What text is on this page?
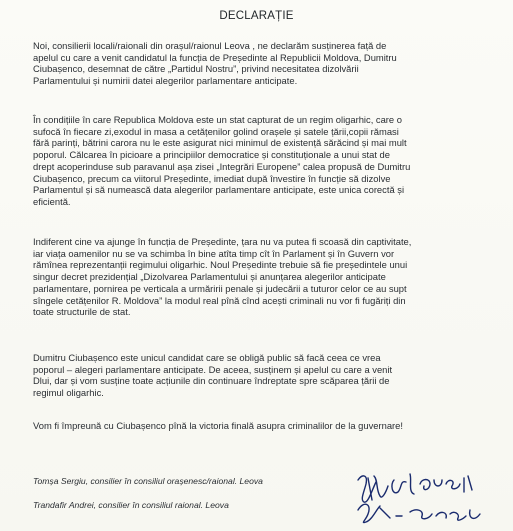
DECLARAȚIE
Noi, consilierii locali/raionali din orașul/raionul Leova , ne declarăm susținerea față de
apelul cu care a venit candidatul la funcția de Președinte al Republicii Moldova, Dumitru
Ciubașenco, desemnat de către „Partidul Nostru”, privind necesitatea dizolvării
Parlamentului și numirii datei alegerilor parlamentare anticipate.
În condițiile în care Republica Moldova este un stat capturat de un regim oligarhic, care o
sufocă în fiecare zi,exodul in masa a cetățenilor golind orașele și satele țării,copii rămasi
fără parinți, bătrini carora nu le este asigurat nici minimul de existență sărăcind și mai mult
poporul. Călcarea în picioare a principiilor democratice și constituționale a unui stat de
drept acoperinduse sub paravanul așa zisei „Integrări Europene” calea propusă de Dumitru
Ciubașenco, precum ca viitorul Președinte, imediat după învestire în funcție să dizolve
Parlamentul și să numească data alegerilor parlamentare anticipate, este unica corectă și
eficientă.
Indiferent cine va ajunge în funcția de Președinte, țara nu va putea fi scoasă din captivitate,
iar viața oamenilor nu se va schimba în bine atîta timp cît în Parlament și în Guvern vor
rămînea reprezentanții regimului oligarhic. Noul Președinte trebuie să fie președintele unui
singur decret prezidențial „Dizolvarea Parlamentului și anunțarea alegerilor anticipate
parlamentare, pornirea pe verticala a urmăririi penale și judecării a tuturor celor ce au supt
sîngele cetățenilor R. Moldova” la modul real pînă cînd acești criminali nu vor fi fugăriți din
toate structurile de stat.
Dumitru Ciubașenco este unicul candidat care se obligă public să facă ceea ce vrea
poporul – alegeri parlamentare anticipate. De aceea, susținem și apelul cu care a venit
Dlui, dar și vom susține toate acțiunile din continuare îndreptate spre scăparea țării de
regimul oligarhic.
Vom fi împreună cu Ciubașenco pînă la victoria finală asupra criminalilor de la guvernare!
Tomșa Sergiu, consilier în consiliul orașenesc/raional. Leova
Trandafir Andrei, consilier în consiliul raional. Leova
